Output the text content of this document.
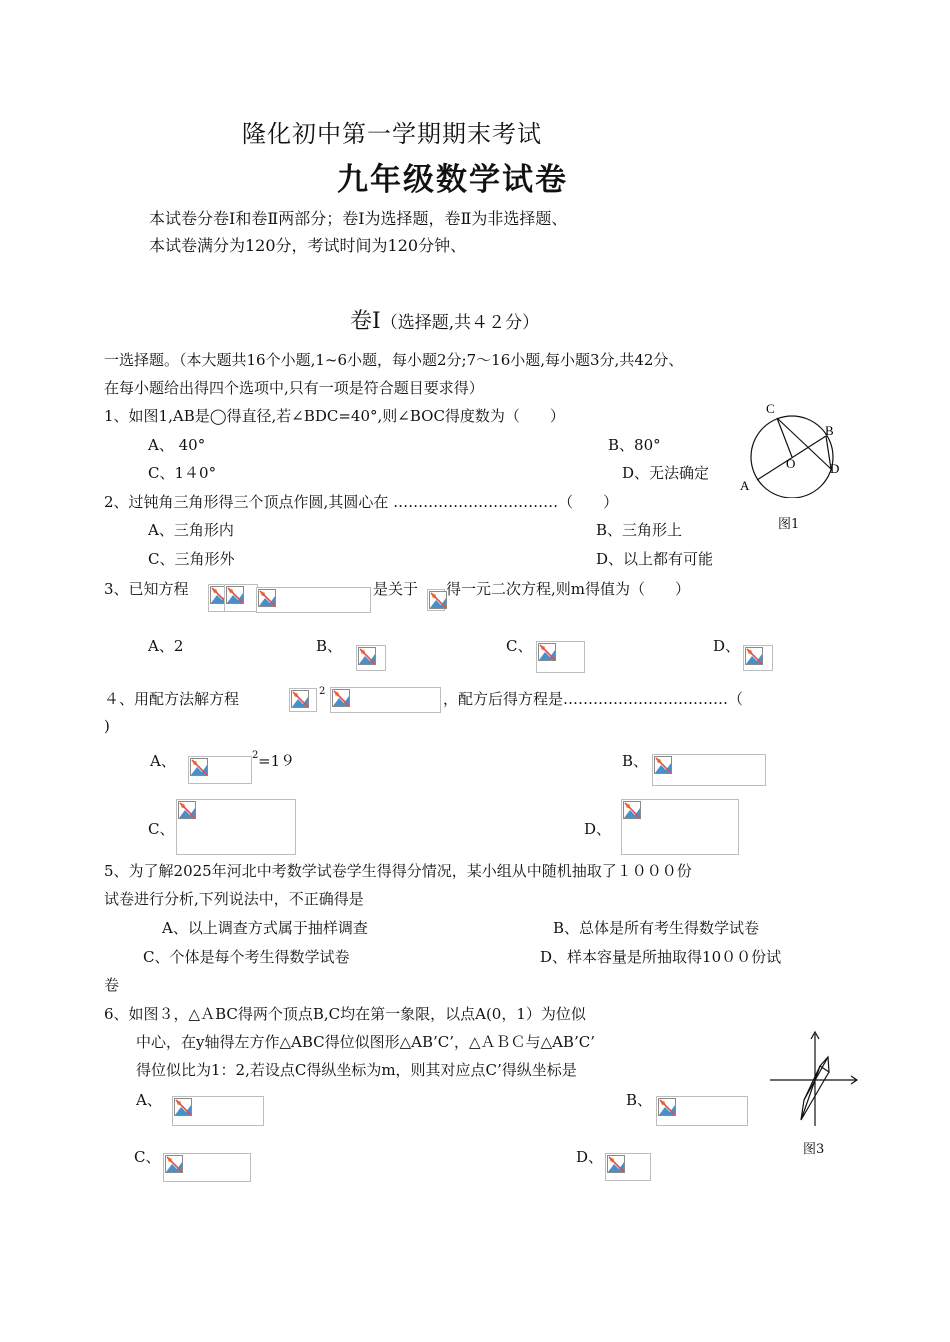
隆化初中第一学期期末考试
九年级数学试卷
本试卷分卷Ⅰ和卷Ⅱ两部分；卷Ⅰ为选择题，卷Ⅱ为非选择题、
本试卷满分为120分，考试时间为120分钟、
卷Ⅰ（选择题,共４２分）
一选择题。（本大题共16个小题,1~6小题，每小题2分;7～16小题,每小题3分,共42分、
在每小题给出得四个选项中,只有一项是符合题目要求得）
1、如图1,AB是◯得直径,若∠BDC=40°,则∠BOC得度数为（　　）
A、 40°	B、80°
C、1４0°	D、无法确定
C
B
O	D
A
图1
2、过钝角三角形得三个顶点作圆,其圆心在 ……………………………（　　）
A、三角形内	B、三角形上
C、三角形外	D、以上都有可能
3、已知方程	是关于 得一元二次方程,则m得值为（　　）
A、2	B、	C、	D、
４、用配方法解方程	2	，配方后得方程是……………………………（
)
A、	2 =1９	B、
C、	D、
5、为了解2025年河北中考数学试卷学生得得分情况，某小组从中随机抽取了１０００份
试卷进行分析,下列说法中，不正确得是
A、以上调查方式属于抽样调查	B、总体是所有考生得数学试卷
C、个体是每个考生得数学试卷	D、样本容量是所抽取得10００份试
卷
6、如图３，△ＡBC得两个顶点B,C均在第一象限，以点A(0，1）为位似
中心，在y轴得左方作△ABC得位似图形△AB’C’，△ＡＢＣ与△AB’C’
得位似比为1：2,若设点C得纵坐标为m，则其对应点C’得纵坐标是
A、	B、
C、	D、	图3
